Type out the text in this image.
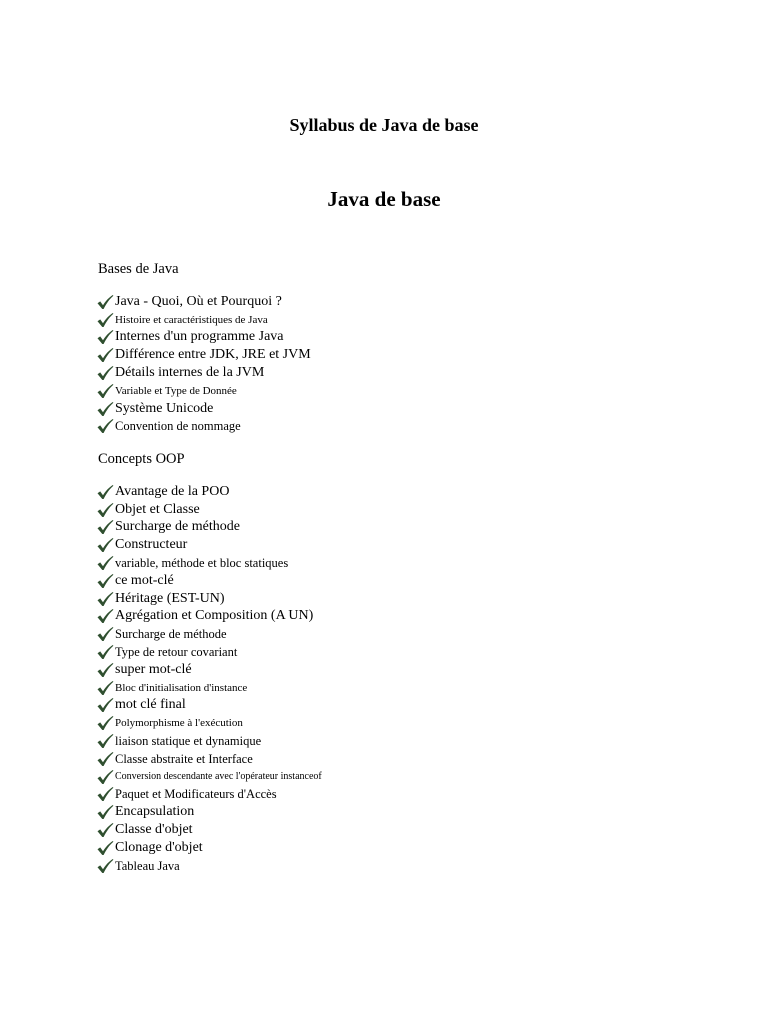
Syllabus de Java de base
Java de base
Bases de Java
Java - Quoi, Où et Pourquoi ?
Histoire et caractéristiques de Java
Internes d'un programme Java
Différence entre JDK, JRE et JVM
Détails internes de la JVM
Variable et Type de Donnée
Système Unicode
Convention de nommage
Concepts OOP
Avantage de la POO
Objet et Classe
Surcharge de méthode
Constructeur
variable, méthode et bloc statiques
ce mot-clé
Héritage (EST-UN)
Agrégation et Composition (A UN)
Surcharge de méthode
Type de retour covariant
super mot-clé
Bloc d'initialisation d'instance
mot clé final
Polymorphisme à l'exécution
liaison statique et dynamique
Classe abstraite et Interface
Conversion descendante avec l'opérateur instanceof
Paquet et Modificateurs d'Accès
Encapsulation
Classe d'objet
Clonage d'objet
Tableau Java
